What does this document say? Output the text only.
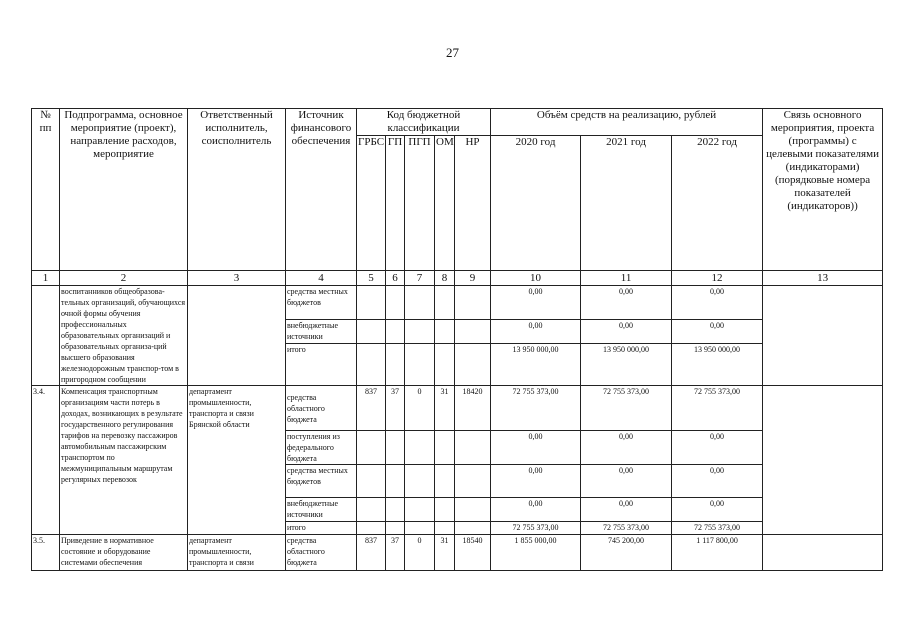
27
№ пп	Подпрограмма, основное мероприятие (проект), направление расходов, мероприятие	Ответственный исполнитель, соисполнитель	Источник финансового обеспечения	Код бюджетной классификации					Объём средств на реализацию, рублей			Связь основного мероприятия, проекта (программы) с целевыми показателями (индикаторами) (порядковые номера показателей (индикаторов))
				ГРБС	ГП	ПГП	ОМ	НР	2020 год	2021 год	2022 год	
1	2	3	4	5	6	7	8	9	10	11	12	13
	воспитанников общеобразова-тельных организаций, обучающихся очной формы обучения профессиональных образовательных организаций и образовательных организа-ций высшего образования железнодорожным транспор-том в пригородном сообщении		средства местных бюджетов						0,00	0,00	0,00	
			внебюджетные источники						0,00	0,00	0,00	
			итого						13 950 000,00	13 950 000,00	13 950 000,00	
3.4.	Компенсация транспортным организациям части потерь в доходах, возникающих в результате государственного регулирования тарифов на перевозку пассажиров автомобильным пассажирским транспортом по межмуниципальным маршрутам регулярных перевозок	департамент промышленности, транспорта и связи Брянской области	средства областного бюджета	837	37	0	31	18420	72 755 373,00	72 755 373,00	72 755 373,00	
			поступления из федерального бюджета						0,00	0,00	0,00	
			средства местных бюджетов						0,00	0,00	0,00	
			внебюджетные источники						0,00	0,00	0,00	
			итого						72 755 373,00	72 755 373,00	72 755 373,00	
3.5.	Приведение в нормативное состояние и оборудование системами обеспечения	департамент промышленности, транспорта и связи	средства областного бюджета	837	37	0	31	18540	1 855 000,00	745 200,00	1 117 800,00	
